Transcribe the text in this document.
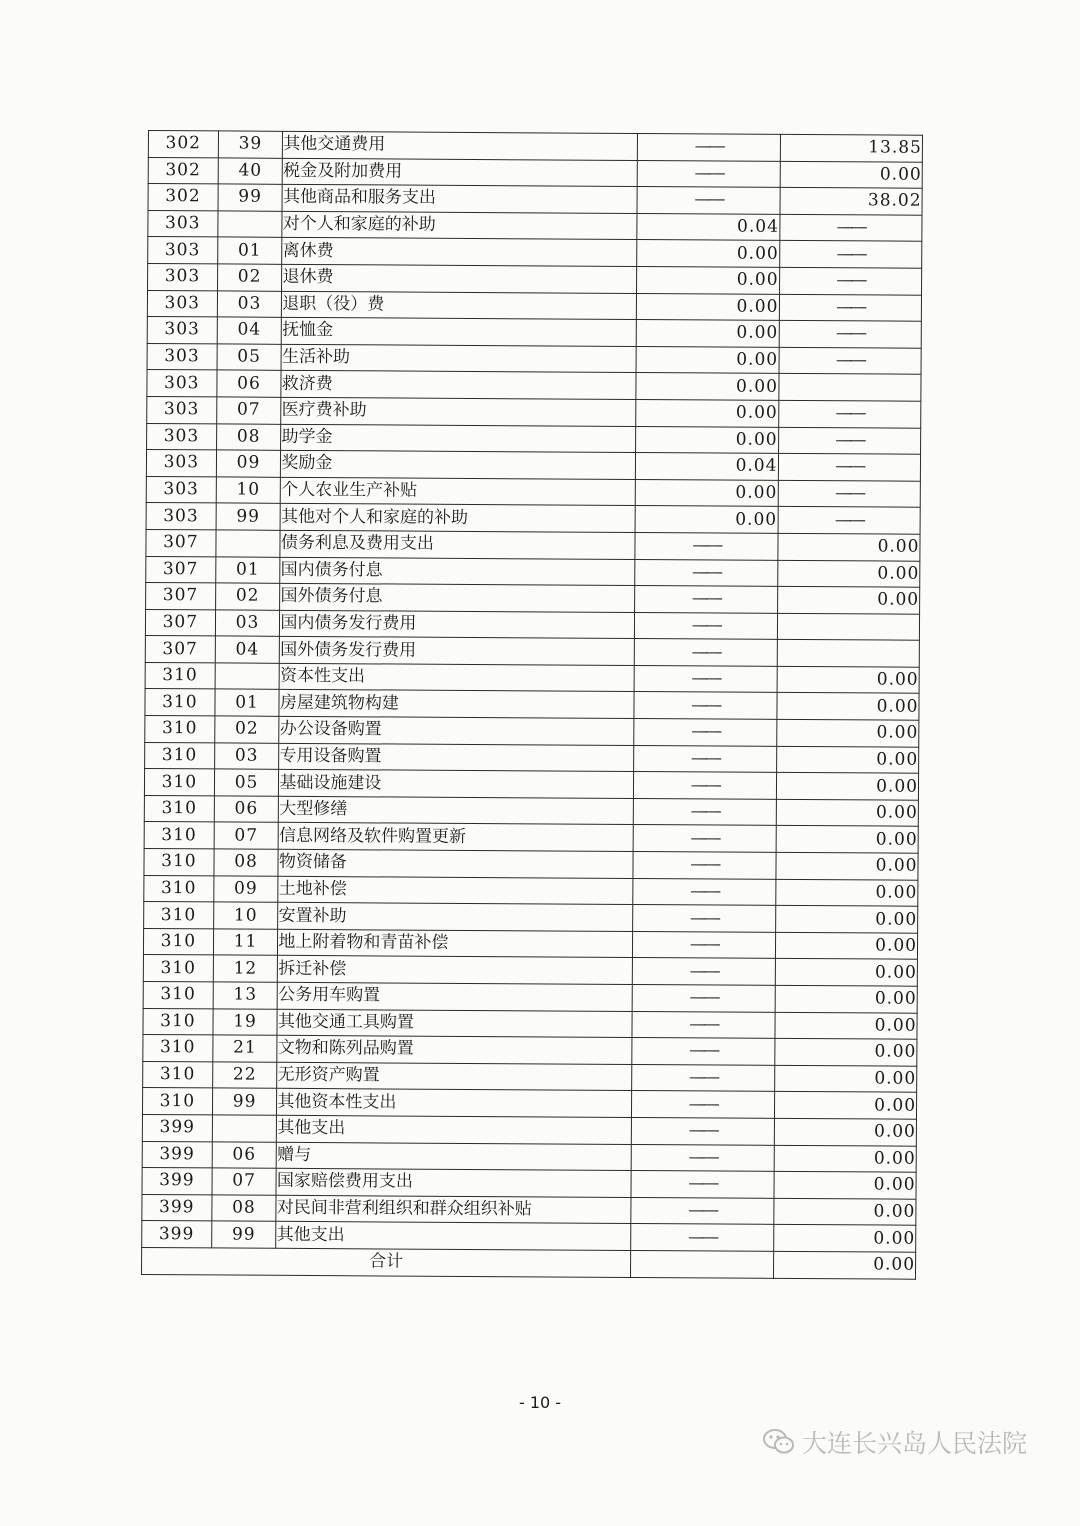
302	39	其他交通费用	——	13.85
302	40	税金及附加费用	——	0.00
302	99	其他商品和服务支出	——	38.02
303		对个人和家庭的补助	0.04	——
303	01	离休费	0.00	——
303	02	退休费	0.00	——
303	03	退职（役）费	0.00	——
303	04	抚恤金	0.00	——
303	05	生活补助	0.00	——
303	06	救济费	0.00	
303	07	医疗费补助	0.00	——
303	08	助学金	0.00	——
303	09	奖励金	0.04	——
303	10	个人农业生产补贴	0.00	——
303	99	其他对个人和家庭的补助	0.00	——
307		债务利息及费用支出	——	0.00
307	01	国内债务付息	——	0.00
307	02	国外债务付息	——	0.00
307	03	国内债务发行费用	——	
307	04	国外债务发行费用	——	
310		资本性支出	——	0.00
310	01	房屋建筑物构建	——	0.00
310	02	办公设备购置	——	0.00
310	03	专用设备购置	——	0.00
310	05	基础设施建设	——	0.00
310	06	大型修缮	——	0.00
310	07	信息网络及软件购置更新	——	0.00
310	08	物资储备	——	0.00
310	09	土地补偿	——	0.00
310	10	安置补助	——	0.00
310	11	地上附着物和青苗补偿	——	0.00
310	12	拆迁补偿	——	0.00
310	13	公务用车购置	——	0.00
310	19	其他交通工具购置	——	0.00
310	21	文物和陈列品购置	——	0.00
310	22	无形资产购置	——	0.00
310	99	其他资本性支出	——	0.00
399		其他支出	——	0.00
399	06	赠与	——	0.00
399	07	国家赔偿费用支出	——	0.00
399	08	对民间非营利组织和群众组织补贴	——	0.00
399	99	其他支出	——	0.00
合计				0.00
- 10 -
大连长兴岛人民法院
